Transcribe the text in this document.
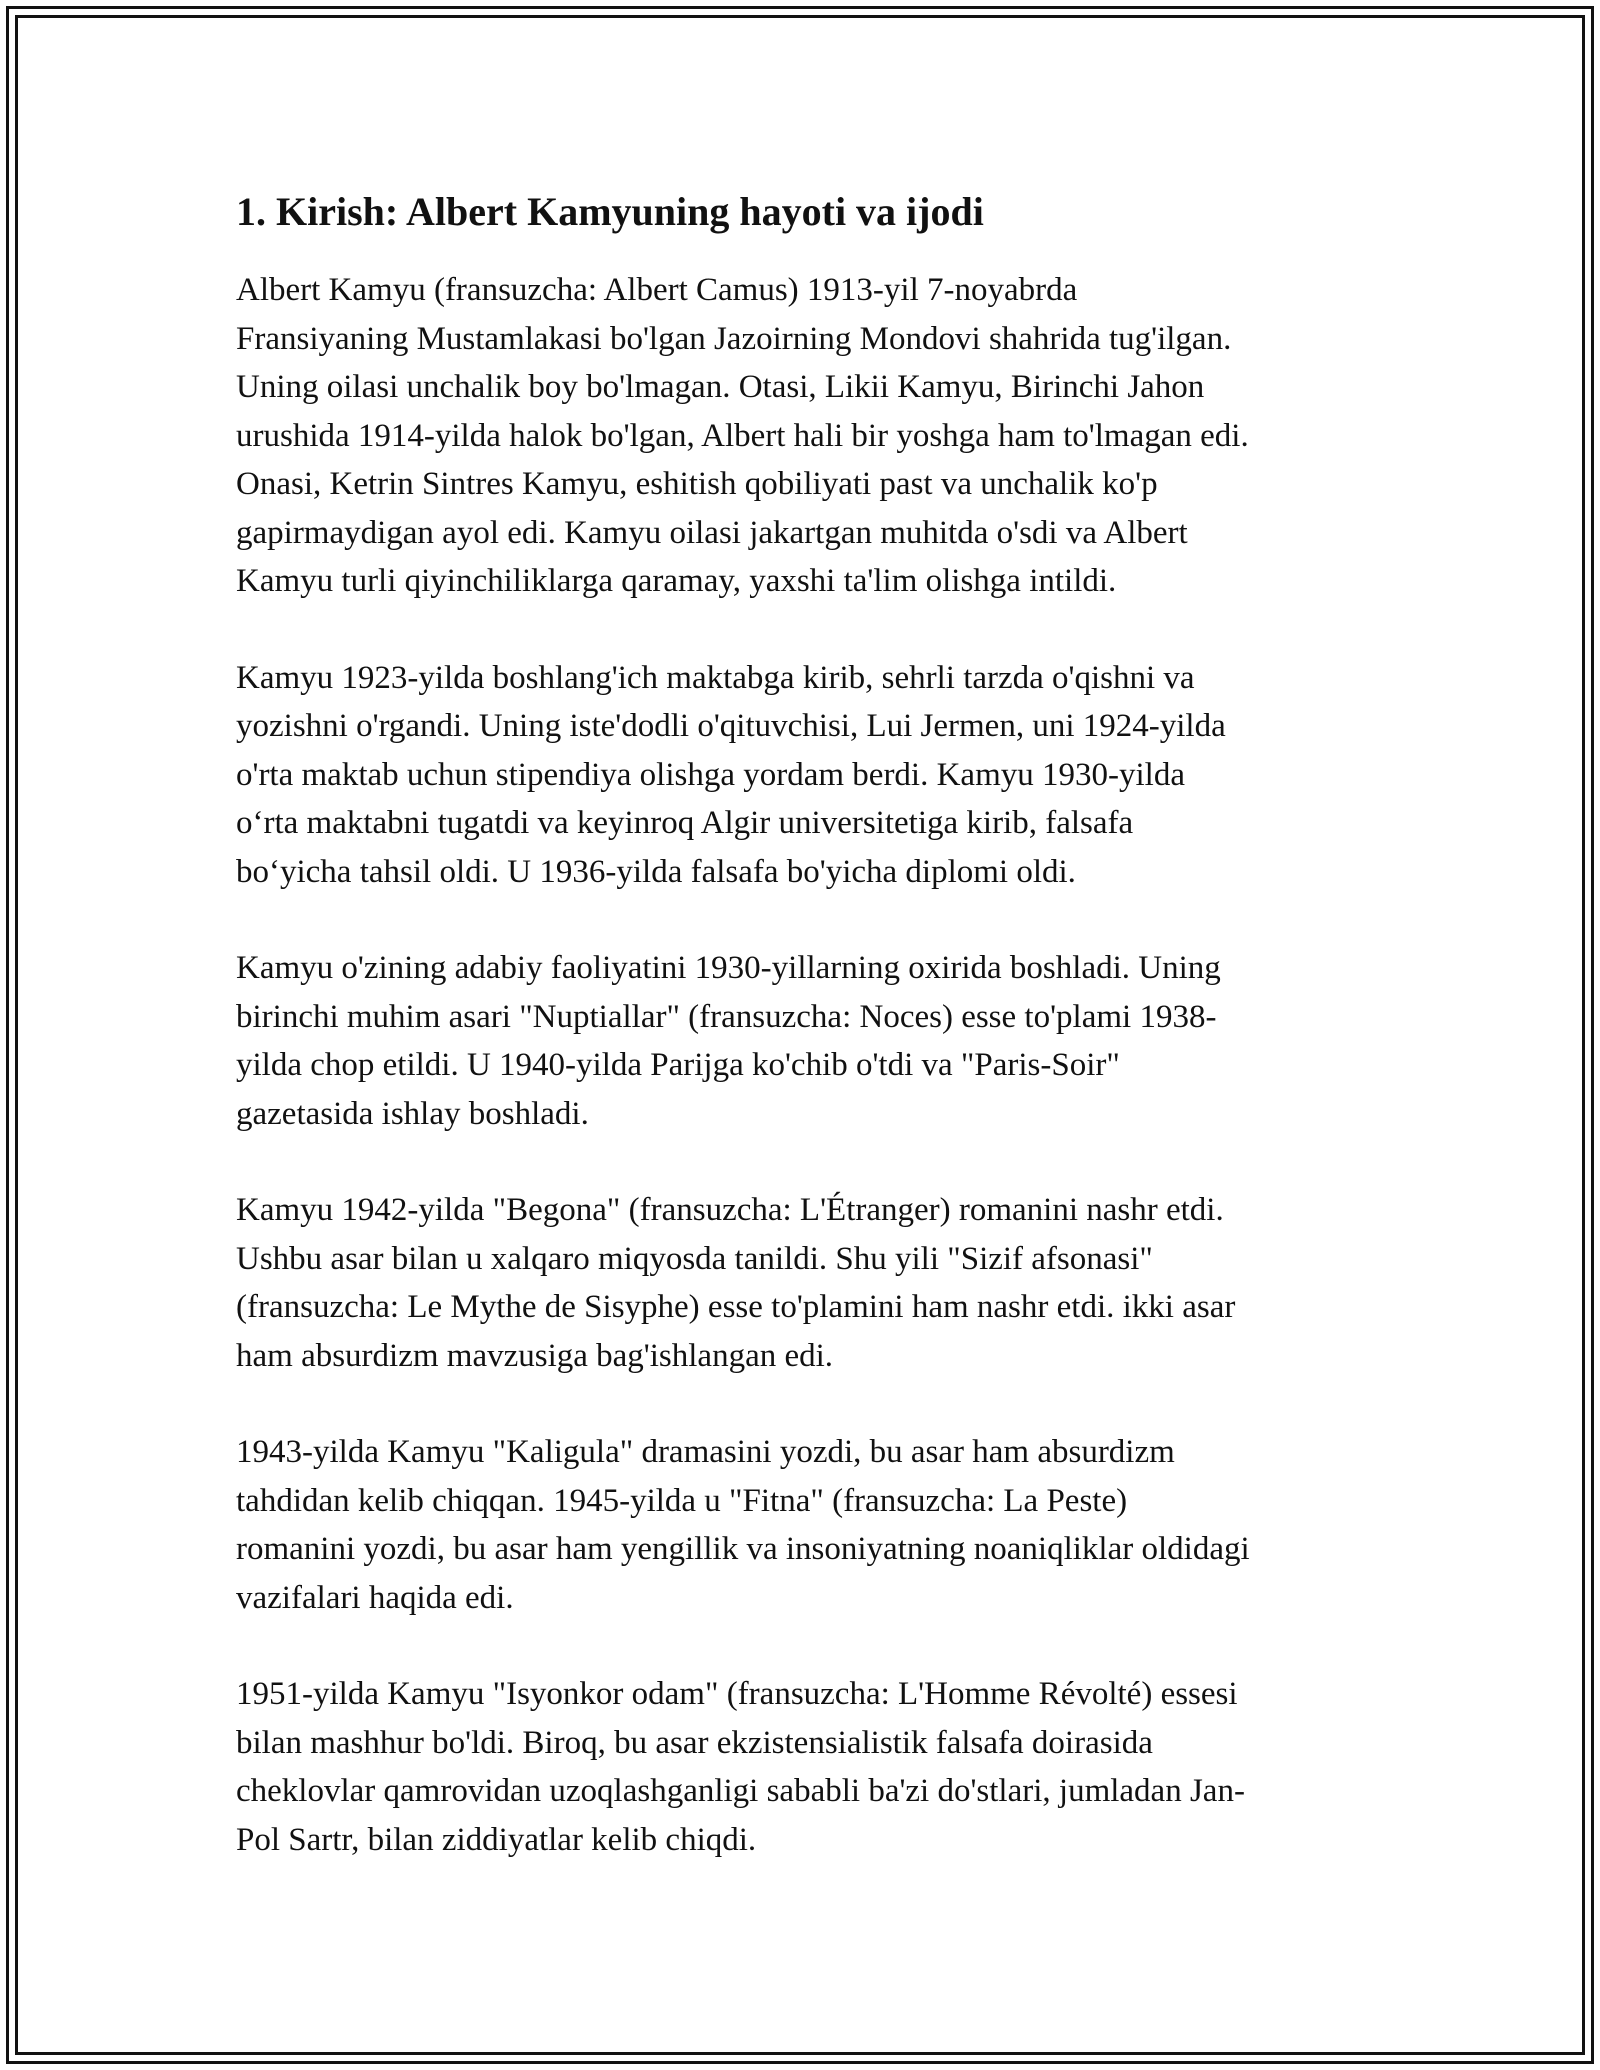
1. Kirish: Albert Kamyuning hayoti va ijodi

Albert Kamyu (fransuzcha: Albert Camus) 1913-yil 7-noyabrda
Fransiyaning Mustamlakasi bo'lgan Jazoirning Mondovi shahrida tug'ilgan.
Uning oilasi unchalik boy bo'lmagan. Otasi, Likii Kamyu, Birinchi Jahon
urushida 1914-yilda halok bo'lgan, Albert hali bir yoshga ham to'lmagan edi.
Onasi, Ketrin Sintres Kamyu, eshitish qobiliyati past va unchalik ko'p
gapirmaydigan ayol edi. Kamyu oilasi jakartgan muhitda o'sdi va Albert
Kamyu turli qiyinchiliklarga qaramay, yaxshi ta'lim olishga intildi.

Kamyu 1923-yilda boshlang'ich maktabga kirib, sehrli tarzda o'qishni va
yozishni o'rgandi. Uning iste'dodli o'qituvchisi, Lui Jermen, uni 1924-yilda
o'rta maktab uchun stipendiya olishga yordam berdi. Kamyu 1930-yilda
oʻrta maktabni tugatdi va keyinroq Algir universitetiga kirib, falsafa
boʻyicha tahsil oldi. U 1936-yilda falsafa bo'yicha diplomi oldi.

Kamyu o'zining adabiy faoliyatini 1930-yillarning oxirida boshladi. Uning
birinchi muhim asari "Nuptiallar" (fransuzcha: Noces) esse to'plami 1938-
yilda chop etildi. U 1940-yilda Parijga ko'chib o'tdi va "Paris-Soir"
gazetasida ishlay boshladi.

Kamyu 1942-yilda "Begona" (fransuzcha: L'Étranger) romanini nashr etdi.
Ushbu asar bilan u xalqaro miqyosda tanildi. Shu yili "Sizif afsonasi"
(fransuzcha: Le Mythe de Sisyphe) esse to'plamini ham nashr etdi. ikki asar
ham absurdizm mavzusiga bag'ishlangan edi.

1943-yilda Kamyu "Kaligula" dramasini yozdi, bu asar ham absurdizm
tahdidan kelib chiqqan. 1945-yilda u "Fitna" (fransuzcha: La Peste)
romanini yozdi, bu asar ham yengillik va insoniyatning noaniqliklar oldidagi
vazifalari haqida edi.

1951-yilda Kamyu "Isyonkor odam" (fransuzcha: L'Homme Révolté) essesi
bilan mashhur bo'ldi. Biroq, bu asar ekzistensialistik falsafa doirasida
cheklovlar qamrovidan uzoqlashganligi sababli ba'zi do'stlari, jumladan Jan-
Pol Sartr, bilan ziddiyatlar kelib chiqdi.
